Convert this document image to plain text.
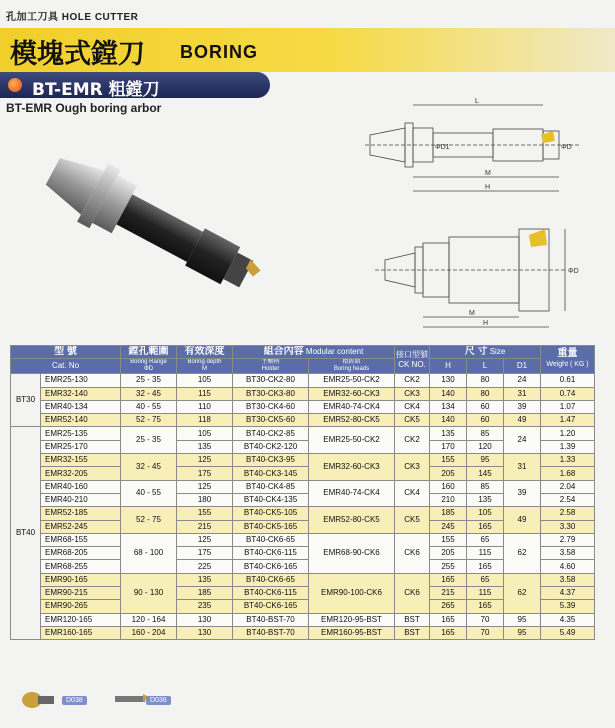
孔加工刀具 HOLE CUTTER
模塊式鏜刀 BORING
BT-EMR 粗鏜刀
BT-EMR Ough boring arbor	L
M
H
ΦD
ΦD1
M
H
ΦD
型 號		鏜孔範圍	有效深度	組合內容 Modular content		接口型號
CK NO.	尺 寸 Size			重量
Weight ( KG )
Cat. No		Boring Range
ΦD	Boring depth
M	主軸柄
Holder	精鏜頭
Boring heads		H	L	D1	
BT30	EMR25-130	25 - 35	105	BT30-CK2-80	EMR25-50-CK2	CK2	130	80	24	0.61
	EMR32-140	32 - 45	115	BT30-CK3-80	EMR32-60-CK3	CK3	140	80	31	0.74
	EMR40-134	40 - 55	110	BT30-CK4-60	EMR40-74-CK4	CK4	134	60	39	1.07
	EMR52-140	52 - 75	118	BT30-CK5-60	EMR52-80-CK5	CK5	140	60	49	1.47
BT40	EMR25-135	25 - 35	105	BT40-CK2-85	EMR25-50-CK2	CK2	135	85	24	1.20
	EMR25-170		135	BT40-CK2-120			170	120		1.39
	EMR32-155	32 - 45	125	BT40-CK3-95	EMR32-60-CK3	CK3	155	95	31	1.33
	EMR32-205		175	BT40-CK3-145			205	145		1.68
	EMR40-160	40 - 55	125	BT40-CK4-85	EMR40-74-CK4	CK4	160	85	39	2.04
	EMR40-210		180	BT40-CK4-135			210	135		2.54
	EMR52-185	52 - 75	155	BT40-CK5-105	EMR52-80-CK5	CK5	185	105	49	2.58
	EMR52-245		215	BT40-CK5-165			245	165		3.30
	EMR68-155	68 - 100	125	BT40-CK6-65	EMR68-90-CK6	CK6	155	65	62	2.79
	EMR68-205		175	BT40-CK6-115			205	115		3.58
	EMR68-255		225	BT40-CK6-165			255	165		4.60
	EMR90-165	90 - 130	135	BT40-CK6-65	EMR90-100-CK6	CK6	165	65	62	3.58
	EMR90-215		185	BT40-CK6-115			215	115		4.37
	EMR90-265		235	BT40-CK6-165			265	165		5.39
	EMR120-165	120 - 164	130	BT40-BST-70	EMR120-95-BST	BST	165	70	95	4.35
	EMR160-165	160 - 204	130	BT40-BST-70	EMR160-95-BST	BST	165	70	95	5.49
D038	D036
